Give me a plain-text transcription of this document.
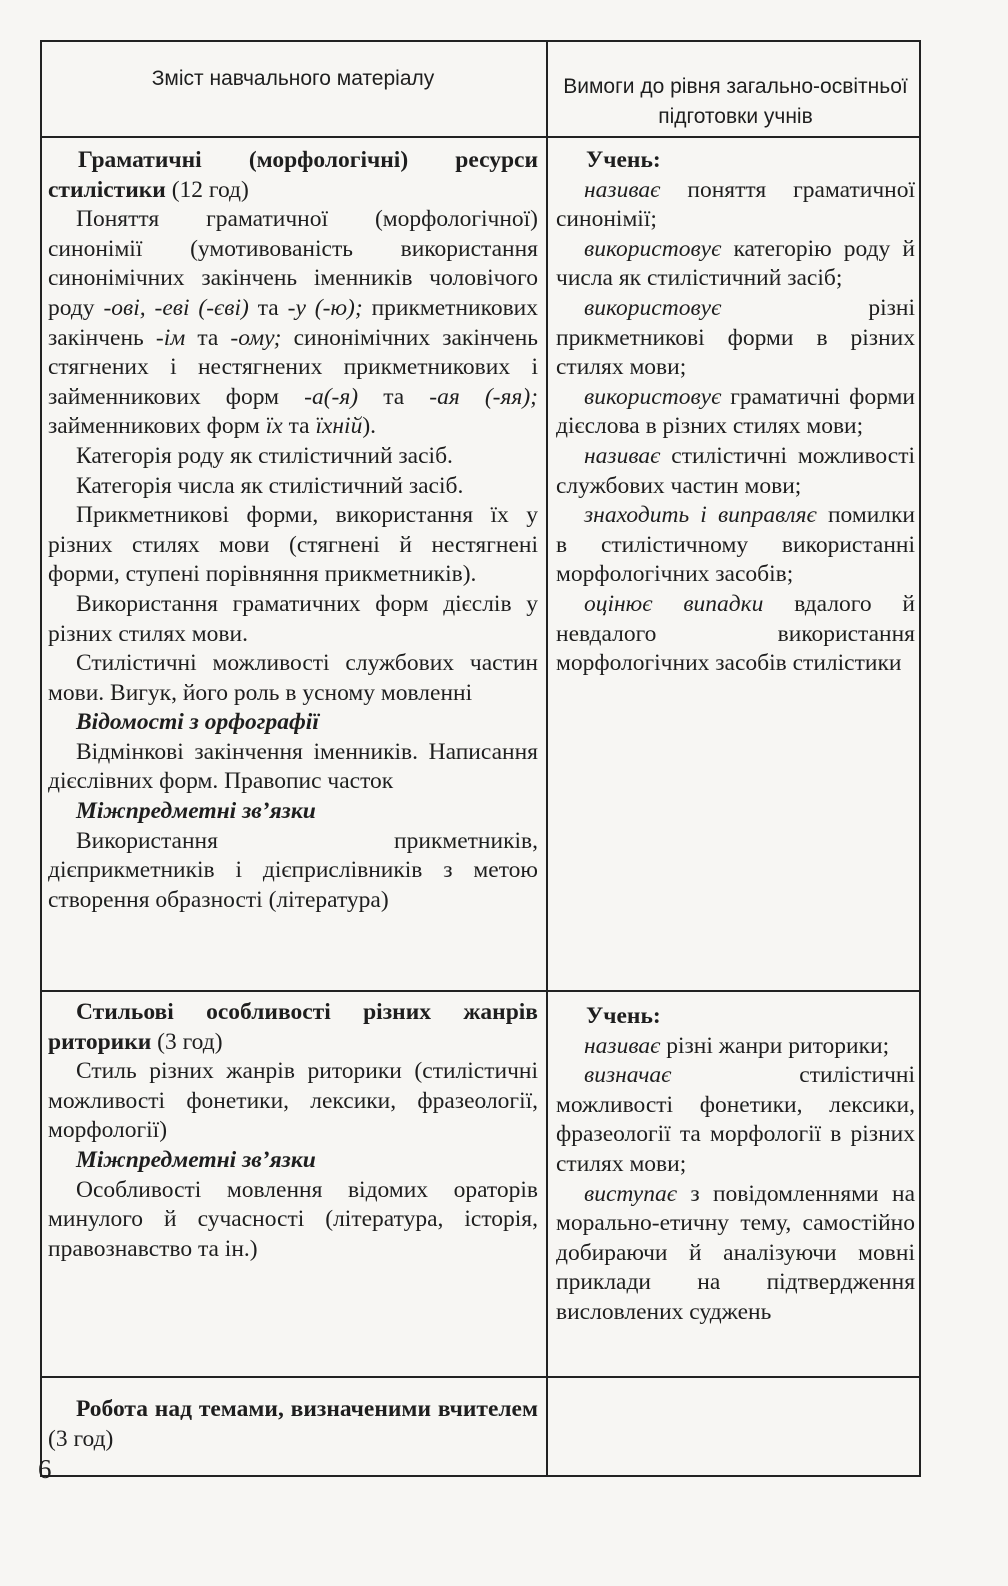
Зміст навчального матеріалу	Вимоги до рівня загально-освітньої підготовки учнів

Граматичні (морфологічні) ресурси стилістики (12 год)

Поняття граматичної (морфологічної) синонімії (умотивованість використання синонімічних закінчень іменників чоловічого роду -ові, -еві (-єві) та -у (-ю); прикметникових закінчень -ім та -ому; синонімічних закінчень стягнених і нестягнених прикметникових і займенникових форм -а(-я) та -ая (-яя); займенникових форм їх та їхній).

Категорія роду як стилістичний засіб.

Категорія числа як стилістичний засіб.

Прикметникові форми, використання їх у різних стилях мови (стягнені й нестягнені форми, ступені порівняння прикметників).

Використання граматичних форм дієслів у різних стилях мови.

Стилістичні можливості службових частин мови. Вигук, його роль в усному мовленні

Відомості з орфографії

Відмінкові закінчення іменників. Написання дієслівних форм. Правопис часток

Міжпредметні зв’язки

Використання прикметників, дієприкметників і дієприслівників з метою створення образності (література)

Учень:

називає поняття граматичної синонімії;

використовує категорію роду й числа як стилістичний засіб;

використовує різні прикметникові форми в різних стилях мови;

використовує граматичні форми дієслова в різних стилях мови;

називає стилістичні можливості службових частин мови;

знаходить і виправляє помилки в стилістичному використанні морфологічних засобів;

оцінює випадки вдалого й невдалого використання морфологічних засобів стилістики

Стильові особливості різних жанрів риторики (3 год)

Стиль різних жанрів риторики (стилістичні можливості фонетики, лексики, фразеології, морфології)

Міжпредметні зв’язки

Особливості мовлення відомих ораторів минулого й сучасності (література, історія, правознавство та ін.)

Учень:

називає різні жанри риторики;

визначає стилістичні можливості фонетики, лексики, фразеології та морфології в різних стилях мови;

виступає з повідомленнями на морально-етичну тему, самостійно добираючи й аналізуючи мовні приклади на підтвердження висловлених суджень

Робота над темами, визначеними вчителем (3 год)

6
